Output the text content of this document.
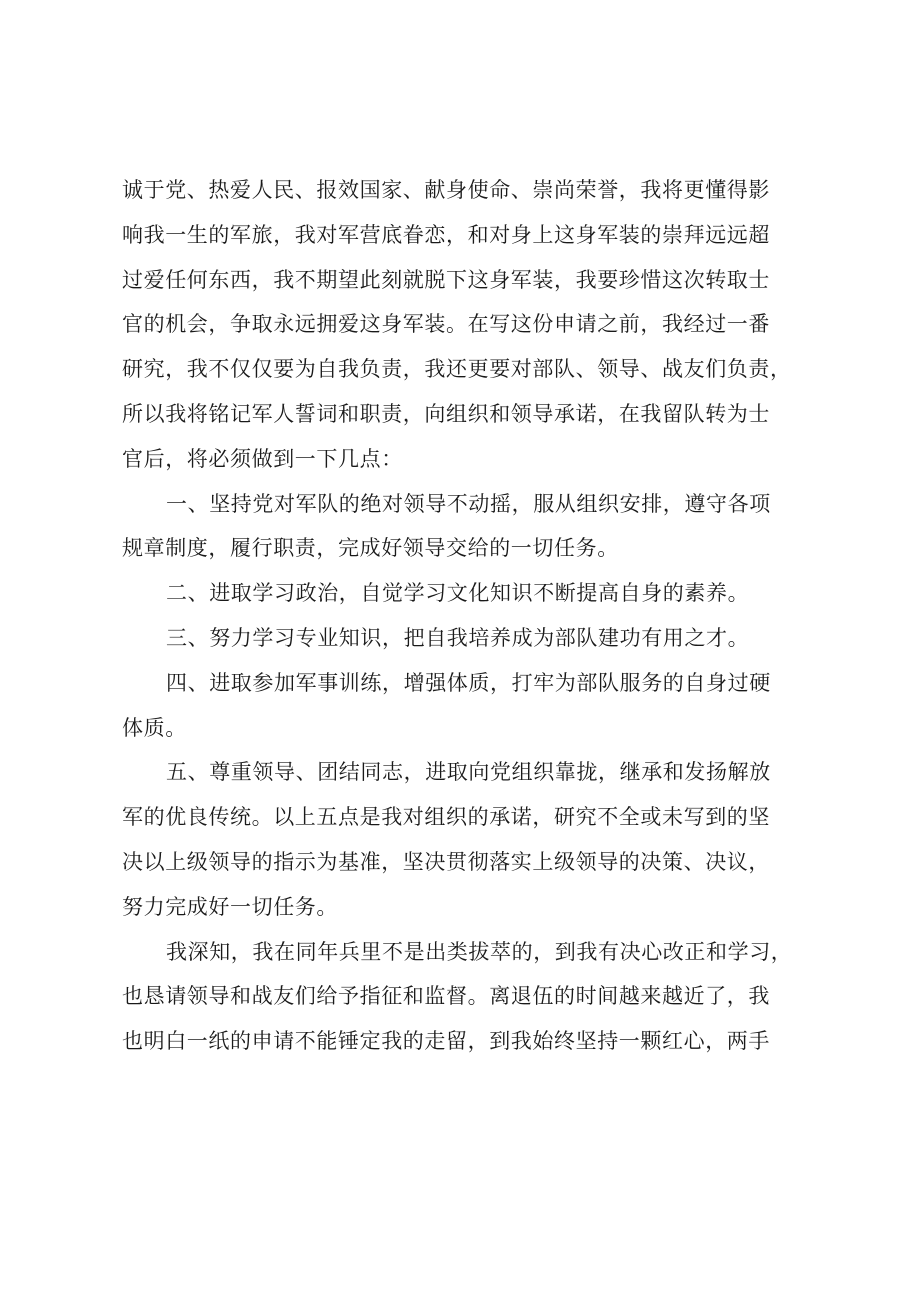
诚于党、热爱人民、报效国家、献身使命、崇尚荣誉，我将更懂得影
响我一生的军旅，我对军营底眷恋，和对身上这身军装的崇拜远远超
过爱任何东西，我不期望此刻就脱下这身军装，我要珍惜这次转取士
官的机会，争取永远拥爱这身军装。在写这份申请之前，我经过一番
研究，我不仅仅要为自我负责，我还更要对部队、领导、战友们负责，
所以我将铭记军人誓词和职责，向组织和领导承诺，在我留队转为士
官后，将必须做到一下几点：
一、坚持党对军队的绝对领导不动摇，服从组织安排，遵守各项
规章制度，履行职责，完成好领导交给的一切任务。
二、进取学习政治，自觉学习文化知识不断提高自身的素养。
三、努力学习专业知识，把自我培养成为部队建功有用之才。
四、进取参加军事训练，增强体质，打牢为部队服务的自身过硬
体质。
五、尊重领导、团结同志，进取向党组织靠拢，继承和发扬解放
军的优良传统。以上五点是我对组织的承诺，研究不全或未写到的坚
决以上级领导的指示为基准，坚决贯彻落实上级领导的决策、决议，
努力完成好一切任务。
我深知，我在同年兵里不是出类拔萃的，到我有决心改正和学习，
也恳请领导和战友们给予指征和监督。离退伍的时间越来越近了，我
也明白一纸的申请不能锤定我的走留，到我始终坚持一颗红心，两手
